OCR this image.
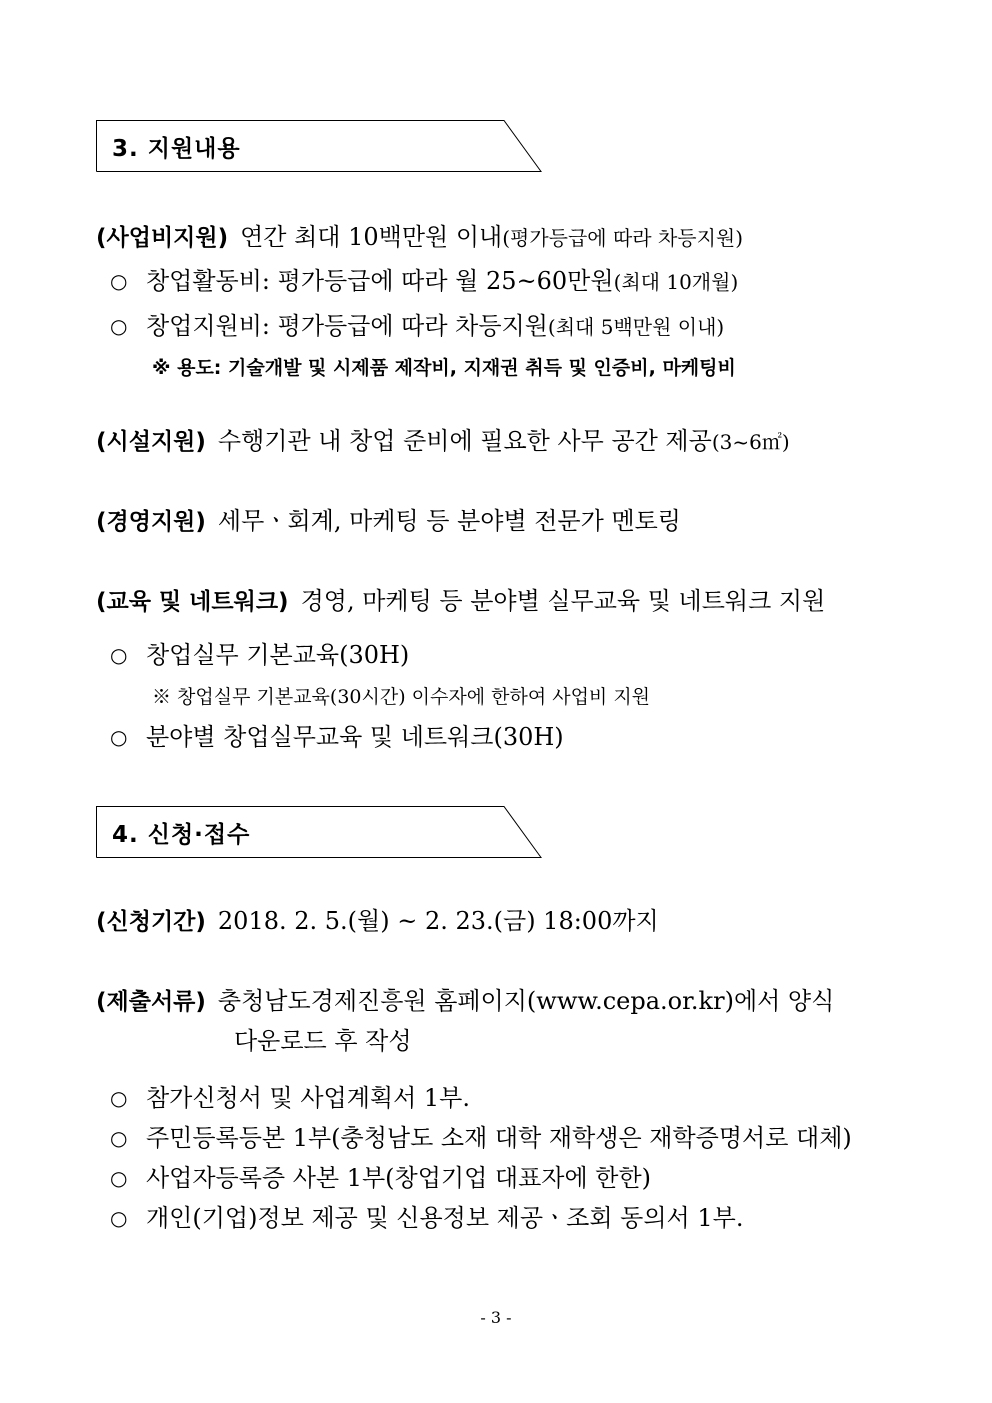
3. 지원내용
(사업비지원) 연간 최대 10백만원 이내(평가등급에 따라 차등지원)
○ 창업활동비: 평가등급에 따라 월 25~60만원(최대 10개월)
○ 창업지원비: 평가등급에 따라 차등지원(최대 5백만원 이내)
※ 용도: 기술개발 및 시제품 제작비, 지재권 취득 및 인증비, 마케팅비
(시설지원) 수행기관 내 창업 준비에 필요한 사무 공간 제공(3~6㎡)
(경영지원) 세무ㆍ회계, 마케팅 등 분야별 전문가 멘토링
(교육 및 네트워크) 경영, 마케팅 등 분야별 실무교육 및 네트워크 지원
○ 창업실무 기본교육(30H)
※ 창업실무 기본교육(30시간) 이수자에 한하여 사업비 지원
○ 분야별 창업실무교육 및 네트워크(30H)
4. 신청·접수
(신청기간) 2018. 2. 5.(월) ~ 2. 23.(금) 18:00까지
(제출서류) 충청남도경제진흥원 홈페이지(www.cepa.or.kr)에서 양식
다운로드 후 작성
○ 참가신청서 및 사업계획서 1부.
○ 주민등록등본 1부(충청남도 소재 대학 재학생은 재학증명서로 대체)
○ 사업자등록증 사본 1부(창업기업 대표자에 한한)
○ 개인(기업)정보 제공 및 신용정보 제공ㆍ조회 동의서 1부.
- 3 -
